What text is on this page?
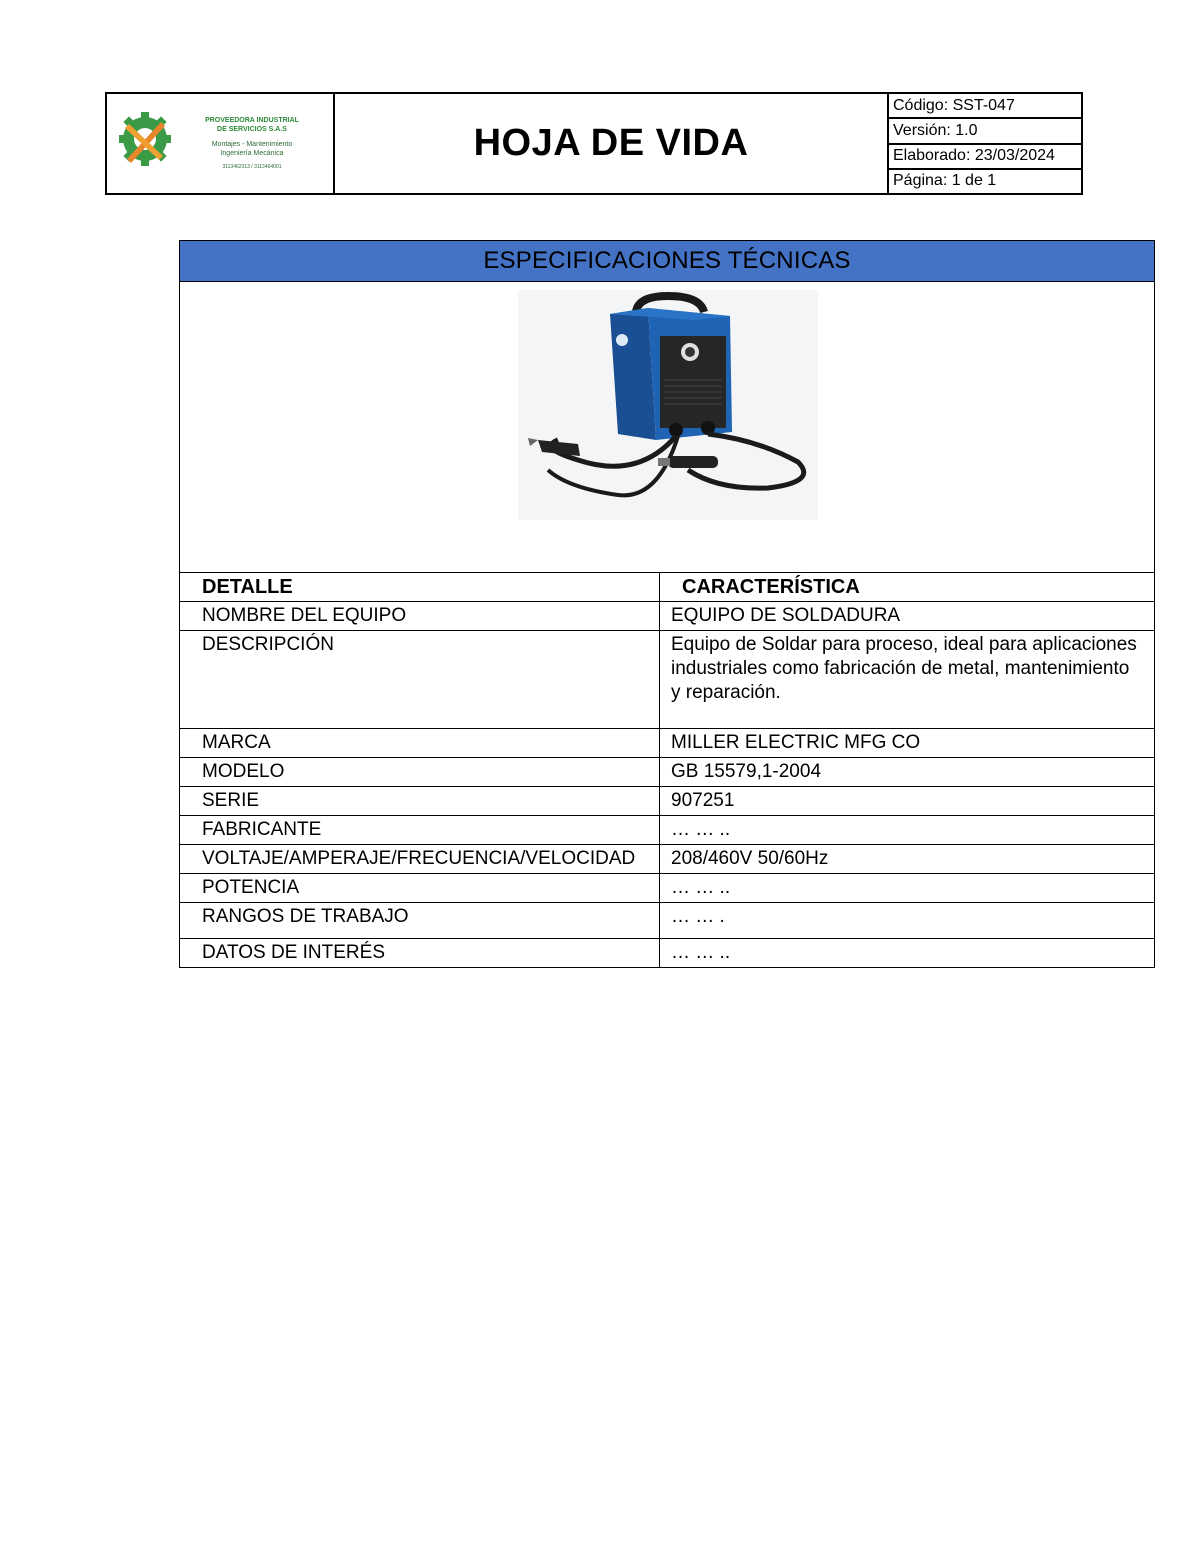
PROVEEDORA INDUSTRIAL
DE SERVICIOS S.A.S
Montajes - Mantenimiento
Ingeniería Mecánica
3113462313 / 3113464001
HOJA DE VIDA
Código: SST-047
Versión: 1.0
Elaborado: 23/03/2024
Página: 1 de 1
ESPECIFICACIONES TÉCNICAS
DETALLE	CARACTERÍSTICA
NOMBRE DEL EQUIPO	EQUIPO DE SOLDADURA
DESCRIPCIÓN	Equipo de Soldar para proceso, ideal para aplicaciones industriales como fabricación de metal, mantenimiento y reparación.
MARCA	MILLER ELECTRIC MFG CO
MODELO	GB 15579,1-2004
SERIE	907251
FABRICANTE	… … ..
VOLTAJE/AMPERAJE/FRECUENCIA/VELOCIDAD	208/460V 50/60Hz
POTENCIA	… … ..
RANGOS DE TRABAJO	… … .
DATOS DE INTERÉS	… … ..
